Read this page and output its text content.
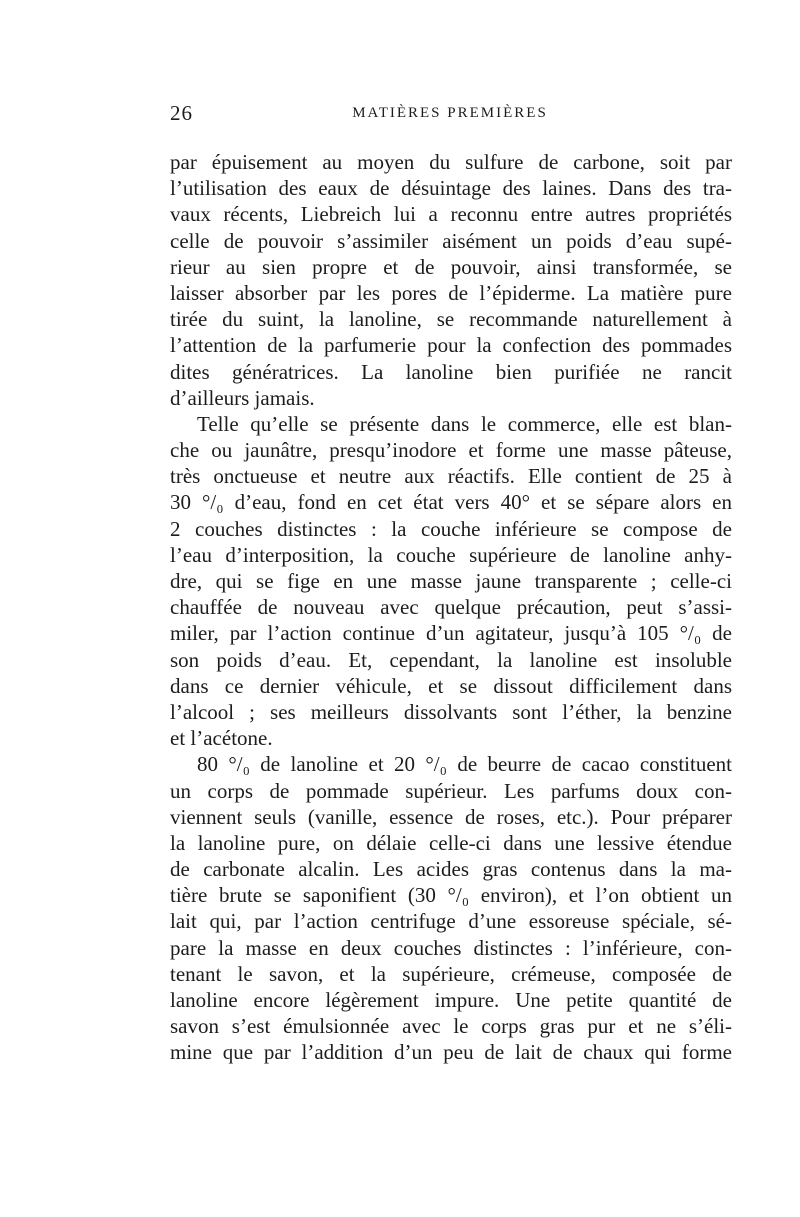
26	MATIÈRES PREMIÈRES
par épuisement au moyen du sulfure de carbone, soit par
l’utilisation des eaux de désuintage des laines. Dans des tra-
vaux récents, Liebreich lui a reconnu entre autres propriétés
celle de pouvoir s’assimiler aisément un poids d’eau supé-
rieur au sien propre et de pouvoir, ainsi transformée, se
laisser absorber par les pores de l’épiderme. La matière pure
tirée du suint, la lanoline, se recommande naturellement à
l’attention de la parfumerie pour la confection des pommades
dites génératrices. La lanoline bien purifiée ne rancit
d’ailleurs jamais.
Telle qu’elle se présente dans le commerce, elle est blan-
che ou jaunâtre, presqu’inodore et forme une masse pâteuse,
très onctueuse et neutre aux réactifs. Elle contient de 25 à
30 °/₀ d’eau, fond en cet état vers 40° et se sépare alors en
2 couches distinctes : la couche inférieure se compose de
l’eau d’interposition, la couche supérieure de lanoline anhy-
dre, qui se fige en une masse jaune transparente ; celle-ci
chauffée de nouveau avec quelque précaution, peut s’assi-
miler, par l’action continue d’un agitateur, jusqu’à 105 °/₀ de
son poids d’eau. Et, cependant, la lanoline est insoluble
dans ce dernier véhicule, et se dissout difficilement dans
l’alcool ; ses meilleurs dissolvants sont l’éther, la benzine
et l’acétone.
80 °/₀ de lanoline et 20 °/₀ de beurre de cacao constituent
un corps de pommade supérieur. Les parfums doux con-
viennent seuls (vanille, essence de roses, etc.). Pour préparer
la lanoline pure, on délaie celle-ci dans une lessive étendue
de carbonate alcalin. Les acides gras contenus dans la ma-
tière brute se saponifient (30 °/₀ environ), et l’on obtient un
lait qui, par l’action centrifuge d’une essoreuse spéciale, sé-
pare la masse en deux couches distinctes : l’inférieure, con-
tenant le savon, et la supérieure, crémeuse, composée de
lanoline encore légèrement impure. Une petite quantité de
savon s’est émulsionnée avec le corps gras pur et ne s’éli-
mine que par l’addition d’un peu de lait de chaux qui forme
